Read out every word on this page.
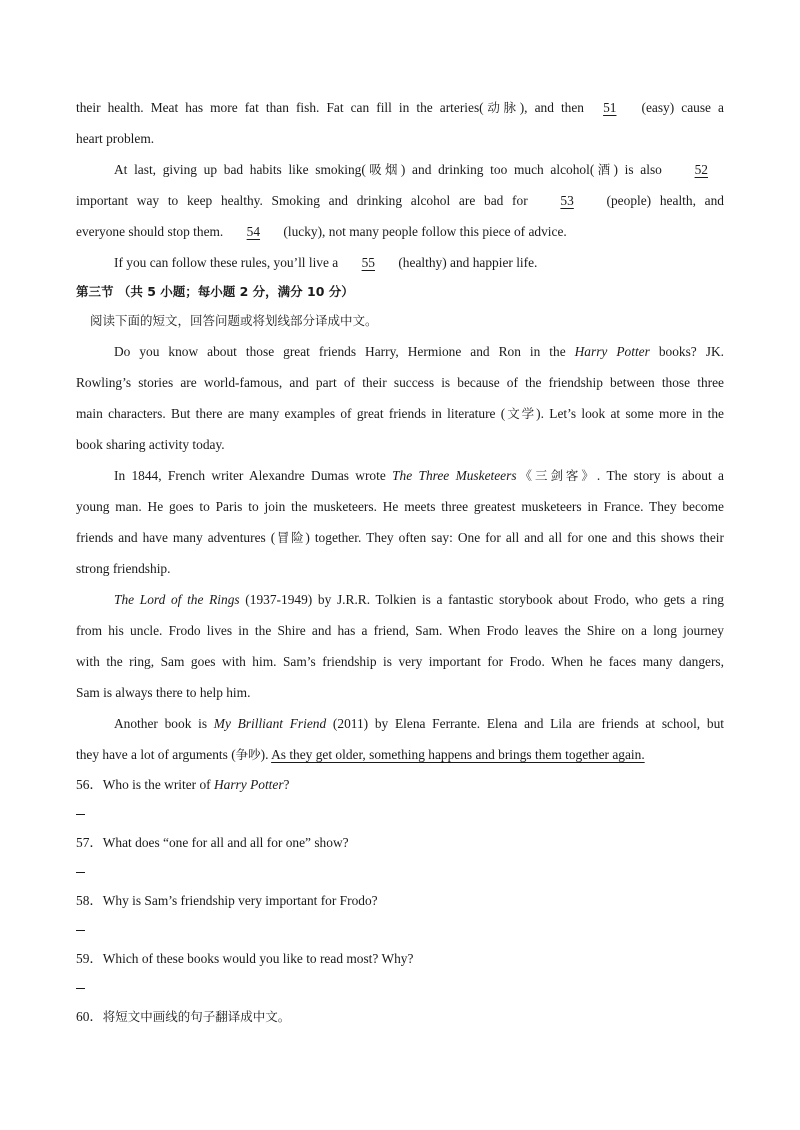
their health. Meat has more fat than fish. Fat can fill in the arteries(动脉), and then 51 (easy) cause a
heart problem.
At last, giving up bad habits like smoking(吸烟) and drinking too much alcohol(酒) is also 52
important way to keep healthy. Smoking and drinking alcohol are bad for 53 (people) health, and
everyone should stop them. 54 (lucky), not many people follow this piece of advice.
If you can follow these rules, you’ll live a 55 (healthy) and happier life.
第三节 （共 5 小题；每小题 2 分，满分 10 分）
阅读下面的短文，回答问题或将划线部分译成中文。
Do you know about those great friends Harry, Hermione and Ron in the Harry Potter books? JK.
Rowling’s stories are world-famous, and part of their success is because of the friendship between those three
main characters. But there are many examples of great friends in literature (文学). Let’s look at some more in the
book sharing activity today.
In 1844, French writer Alexandre Dumas wrote The Three Musketeers《三剑客》. The story is about a
young man. He goes to Paris to join the musketeers. He meets three greatest musketeers in France. They become
friends and have many adventures (冒险) together. They often say: One for all and all for one and this shows their
strong friendship.
The Lord of the Rings (1937-1949) by J.R.R. Tolkien is a fantastic storybook about Frodo, who gets a ring
from his uncle. Frodo lives in the Shire and has a friend, Sam. When Frodo leaves the Shire on a long journey
with the ring, Sam goes with him. Sam’s friendship is very important for Frodo. When he faces many dangers,
Sam is always there to help him.
Another book is My Brilliant Friend (2011) by Elena Ferrante. Elena and Lila are friends at school, but
they have a lot of arguments (争吵). As they get older, something happens and brings them together again.
56．Who is the writer of Harry Potter?
57．What does “one for all and all for one” show?
58．Why is Sam’s friendship very important for Frodo?
59．Which of these books would you like to read most? Why?
60．将短文中画线的句子翻译成中文。
